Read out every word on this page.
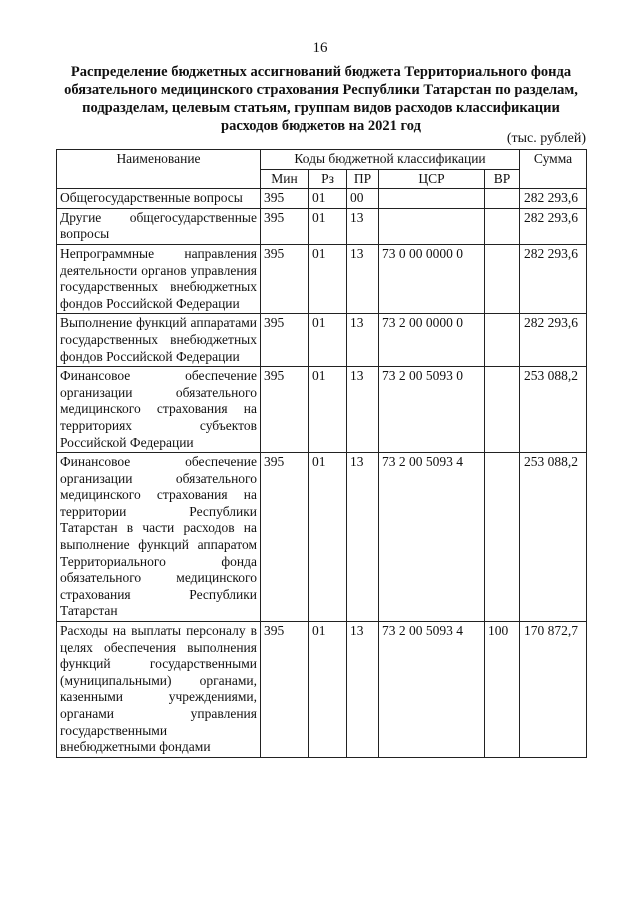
16
Распределение бюджетных ассигнований бюджета Территориального фонда обязательного медицинского страхования Республики Татарстан по разделам, подразделам, целевым статьям, группам видов расходов классификации расходов бюджетов на 2021 год
(тыс. рублей)
Наименование	Коды бюджетной классификации					Сумма
	Мин	Рз	ПР	ЦСР	ВР	
Общегосударственные вопросы	395	01	00			282 293,6
Другие общегосударственные вопросы	395	01	13			282 293,6
Непрограммные направления деятельности органов управления государственных внебюджетных фондов Российской Федерации	395	01	13	73 0 00 0000 0		282 293,6
Выполнение функций аппаратами государственных внебюджетных фондов Российской Федерации	395	01	13	73 2 00 0000 0		282 293,6
Финансовое обеспечение организации обязательного медицинского страхования на территориях субъектов Российской Федерации	395	01	13	73 2 00 5093 0		253 088,2
Финансовое обеспечение организации обязательного медицинского страхования на территории Республики Татарстан в части расходов на выполнение функций аппаратом Территориального фонда обязательного медицинского страхования Республики Татарстан	395	01	13	73 2 00 5093 4		253 088,2
Расходы на выплаты персоналу в целях обеспечения выполнения функций государственными (муниципальными) органами, казенными учреждениями, органами управления государственными внебюджетными фондами	395	01	13	73 2 00 5093 4	100	170 872,7
